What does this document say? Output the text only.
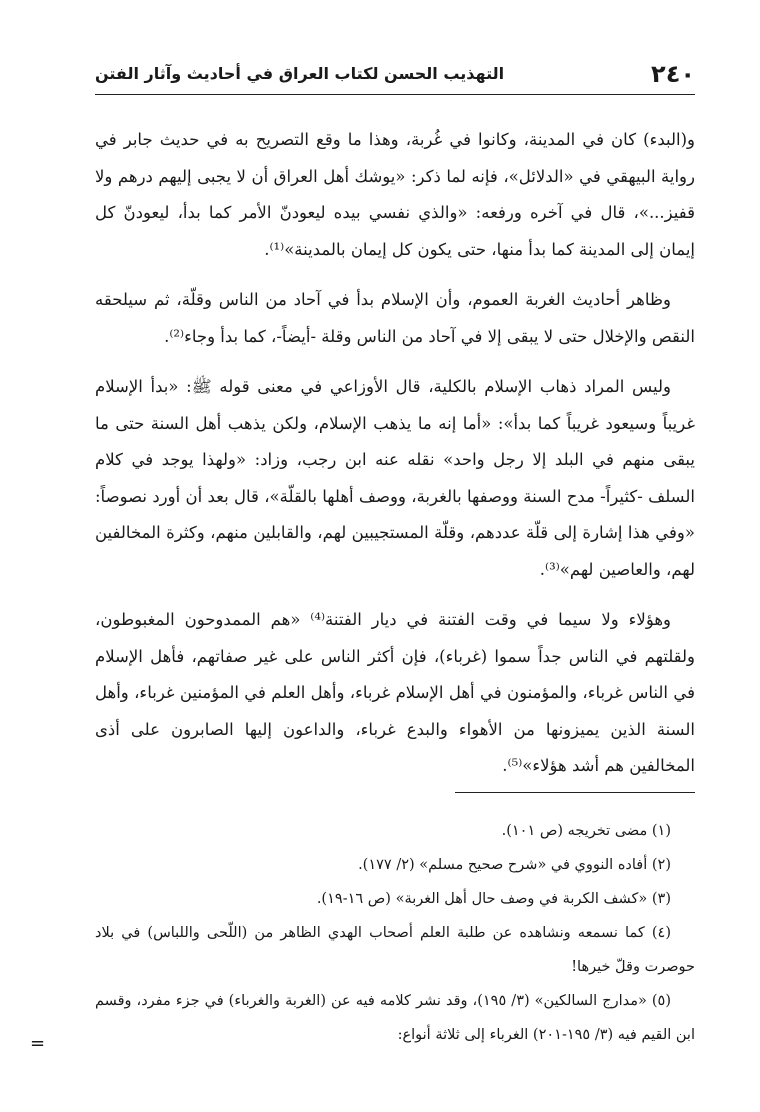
٢٤٠
التهذيب الحسن لكتاب العراق في أحاديث وآثار الفتن

و(البدء) كان في المدينة، وكانوا في غُربة، وهذا ما وقع التصريح به في حديث جابر في رواية البيهقي في «الدلائل»، فإنه لما ذكر: «يوشك أهل العراق أن لا يجبى إليهم درهم ولا قفيز...»، قال في آخره ورفعه: «والذي نفسي بيده ليعودنّ الأمر كما بدأ، ليعودنّ كل إيمان إلى المدينة كما بدأ منها، حتى يكون كل إيمان بالمدينة»⁽¹⁾.

وظاهر أحاديث الغربة العموم، وأن الإسلام بدأ في آحاد من الناس وقلّة، ثم سيلحقه النقص والإخلال حتى لا يبقى إلا في آحاد من الناس وقلة -أيضاً-، كما بدأ وجاء⁽²⁾.

وليس المراد ذهاب الإسلام بالكلية، قال الأوزاعي في معنى قوله ﷺ: «بدأ الإسلام غريباً وسيعود غريباً كما بدأ»: «أما إنه ما يذهب الإسلام، ولكن يذهب أهل السنة حتى ما يبقى منهم في البلد إلا رجل واحد» نقله عنه ابن رجب، وزاد: «ولهذا يوجد في كلام السلف -كثيراً- مدح السنة ووصفها بالغربة، ووصف أهلها بالقلّة»، قال بعد أن أورد نصوصاً: «وفي هذا إشارة إلى قلّة عددهم، وقلّة المستجيبين لهم، والقابلين منهم، وكثرة المخالفين لهم، والعاصين لهم»⁽³⁾.

وهؤلاء ولا سيما في وقت الفتنة في ديار الفتنة⁽⁴⁾ «هم الممدوحون المغبوطون، ولقلتهم في الناس جداً سموا (غرباء)، فإن أكثر الناس على غير صفاتهم، فأهل الإسلام في الناس غرباء، والمؤمنون في أهل الإسلام غرباء، وأهل العلم في المؤمنين غرباء، وأهل السنة الذين يميزونها من الأهواء والبدع غرباء، والداعون إليها الصابرون على أذى المخالفين هم أشد هؤلاء»⁽⁵⁾.

(١) مضى تخريجه (ص ١٠١).

(٢) أفاده النووي في «شرح صحيح مسلم» (٢/ ١٧٧).

(٣) «كشف الكربة في وصف حال أهل الغربة» (ص ١٦-١٩).

(٤) كما نسمعه ونشاهده عن طلبة العلم أصحاب الهدي الظاهر من (اللّحى واللباس) في بلاد حوصرت وقلّ خيرها!

(٥) «مدارج السالكين» (٣/ ١٩٥)، وقد نشر كلامه فيه عن (الغربة والغرباء) في جزء مفرد، وقسم ابن القيم فيه (٣/ ١٩٥-٢٠١) الغرباء إلى ثلاثة أنواع:

=
